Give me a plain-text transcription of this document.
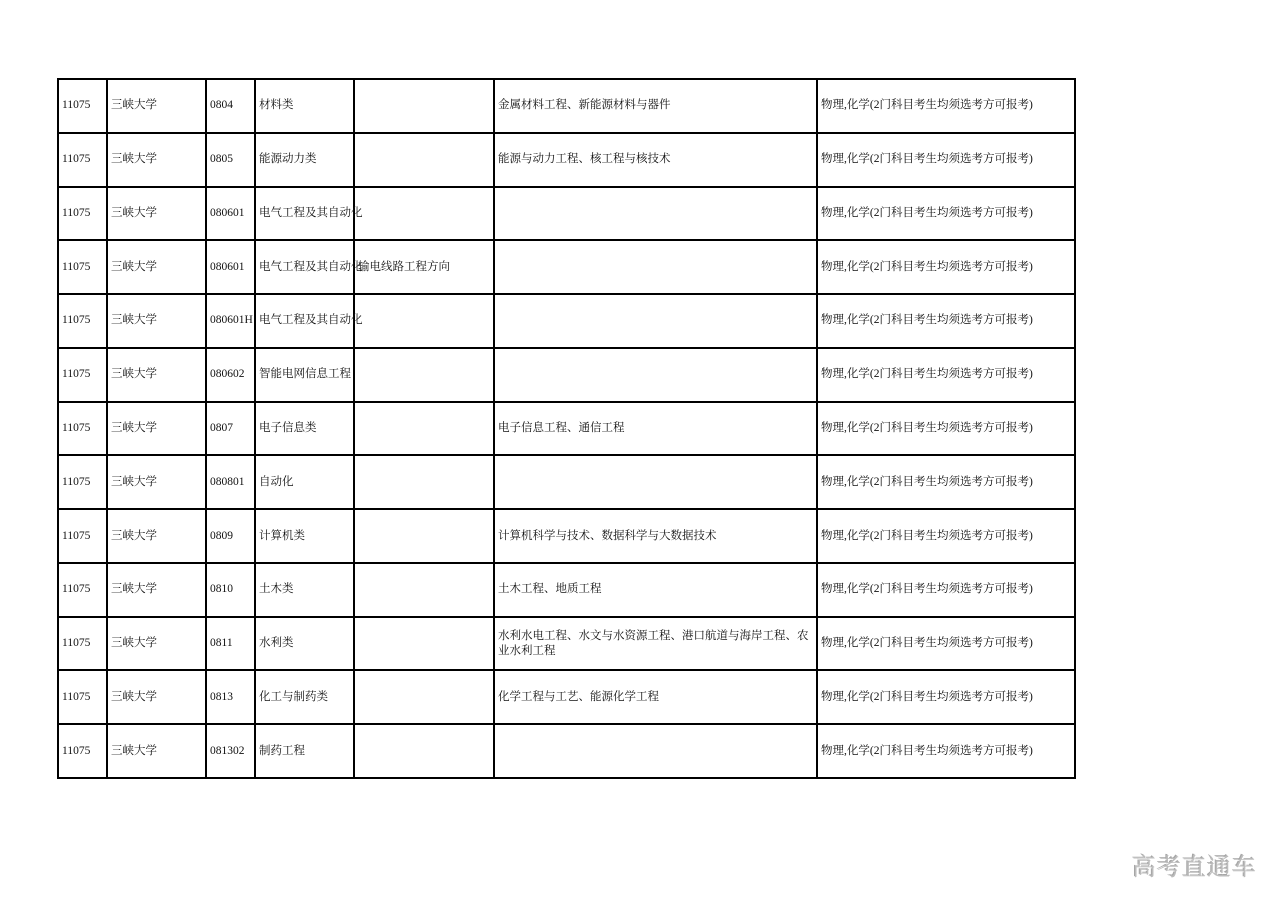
11075	三峡大学	0804	材料类		金属材料工程、新能源材料与器件	物理,化学(2门科目考生均须选考方可报考)
11075	三峡大学	0805	能源动力类		能源与动力工程、核工程与核技术	物理,化学(2门科目考生均须选考方可报考)
11075	三峡大学	080601	电气工程及其自动化			物理,化学(2门科目考生均须选考方可报考)
11075	三峡大学	080601	电气工程及其自动化	输电线路工程方向		物理,化学(2门科目考生均须选考方可报考)
11075	三峡大学	080601H	电气工程及其自动化			物理,化学(2门科目考生均须选考方可报考)
11075	三峡大学	080602	智能电网信息工程			物理,化学(2门科目考生均须选考方可报考)
11075	三峡大学	0807	电子信息类		电子信息工程、通信工程	物理,化学(2门科目考生均须选考方可报考)
11075	三峡大学	080801	自动化			物理,化学(2门科目考生均须选考方可报考)
11075	三峡大学	0809	计算机类		计算机科学与技术、数据科学与大数据技术	物理,化学(2门科目考生均须选考方可报考)
11075	三峡大学	0810	土木类		土木工程、地质工程	物理,化学(2门科目考生均须选考方可报考)
11075	三峡大学	0811	水利类		水利水电工程、水文与水资源工程、港口航道与海岸工程、农业水利工程	物理,化学(2门科目考生均须选考方可报考)
11075	三峡大学	0813	化工与制药类		化学工程与工艺、能源化学工程	物理,化学(2门科目考生均须选考方可报考)
11075	三峡大学	081302	制药工程			物理,化学(2门科目考生均须选考方可报考)
高考直通车
